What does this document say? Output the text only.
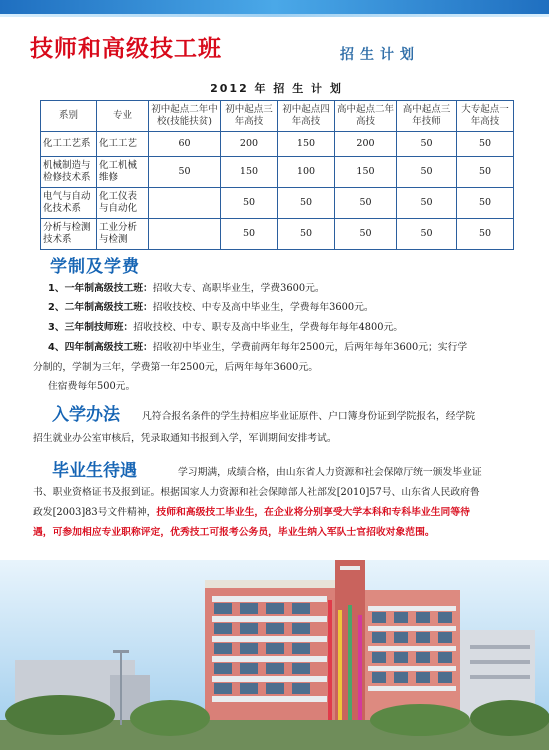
技师和高级技工班	招生计划
2012 年 招 生 计 划
系别	专业	初中起点二年中校(技能扶贫)	初中起点三年高技	初中起点四年高技	高中起点二年高技	高中起点三年技师	大专起点一年高技
化工工艺系	化工工艺	60	200	150	200	50	50
机械制造与检修技术系	化工机械维修	50	150	100	150	50	50
电气与自动化技术系	化工仪表与自动化		50	50	50	50	50
分析与检测技术系	工业分析与检测		50	50	50	50	50
学制及学费
1、一年制高级技工班：招收大专、高职毕业生，学费3600元。
2、二年制高级技工班：招收技校、中专及高中毕业生，学费每年3600元。
3、三年制技师班：招收技校、中专、职专及高中毕业生，学费每年每年4800元。
4、四年制高级技工班：招收初中毕业生，学费前两年每年2500元，后两年每年3600元；实行学
分制的，学制为三年，学费第一年2500元，后两年每年3600元。
住宿费每年500元。
入学办法 凡符合报名条件的学生持相应毕业证原件、户口簿身份证到学院报名，经学院
招生就业办公室审核后，凭录取通知书报到入学，军训期间安排考试。
毕业生待遇	学习期满，成绩合格，由山东省人力资源和社会保障厅统一颁发毕业证
书、职业资格证书及报到证。根据国家人力资源和社会保障部人社部发[2010]57号、山东省人民政府鲁
政发[2003]83号文件精神，技师和高级技工毕业生，在企业将分别享受大学本科和专科毕业生同等待
遇，可参加相应专业职称评定，优秀技工可报考公务员，毕业生纳入军队士官招收对象范围。
